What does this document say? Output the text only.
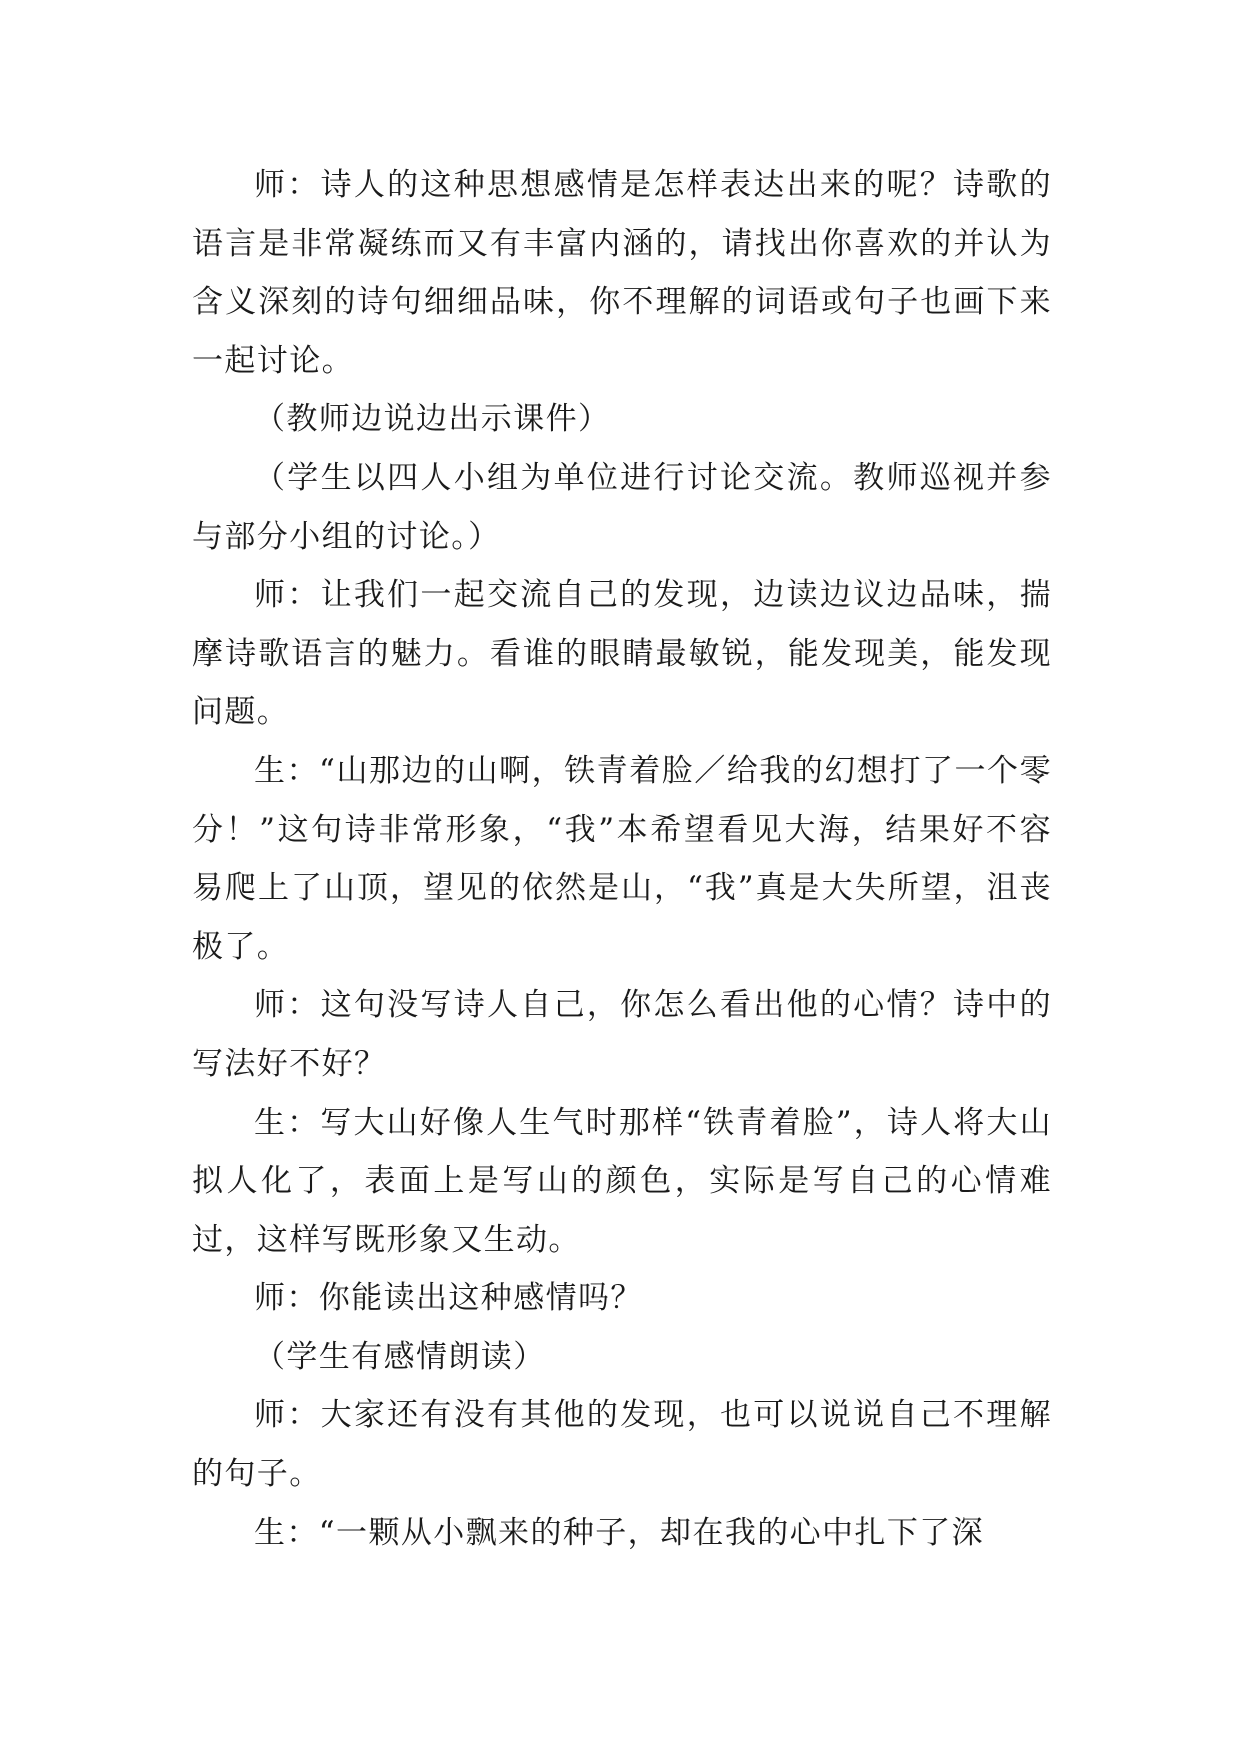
师：诗人的这种思想感情是怎样表达出来的呢？诗歌的语言是非常凝练而又有丰富内涵的，请找出你喜欢的并认为含义深刻的诗句细细品味，你不理解的词语或句子也画下来一起讨论。

（教师边说边出示课件）

（学生以四人小组为单位进行讨论交流。教师巡视并参与部分小组的讨论。）

师：让我们一起交流自己的发现，边读边议边品味，揣摩诗歌语言的魅力。看谁的眼睛最敏锐，能发现美，能发现问题。

生：“山那边的山啊，铁青着脸／给我的幻想打了一个零分！”这句诗非常形象，“我”本希望看见大海，结果好不容易爬上了山顶，望见的依然是山，“我”真是大失所望，沮丧极了。

师：这句没写诗人自己，你怎么看出他的心情？诗中的写法好不好？

生：写大山好像人生气时那样“铁青着脸”，诗人将大山拟人化了，表面上是写山的颜色，实际是写自己的心情难过，这样写既形象又生动。

师：你能读出这种感情吗？

（学生有感情朗读）

师：大家还有没有其他的发现，也可以说说自己不理解的句子。

生：“一颗从小飘来的种子，却在我的心中扎下了深
